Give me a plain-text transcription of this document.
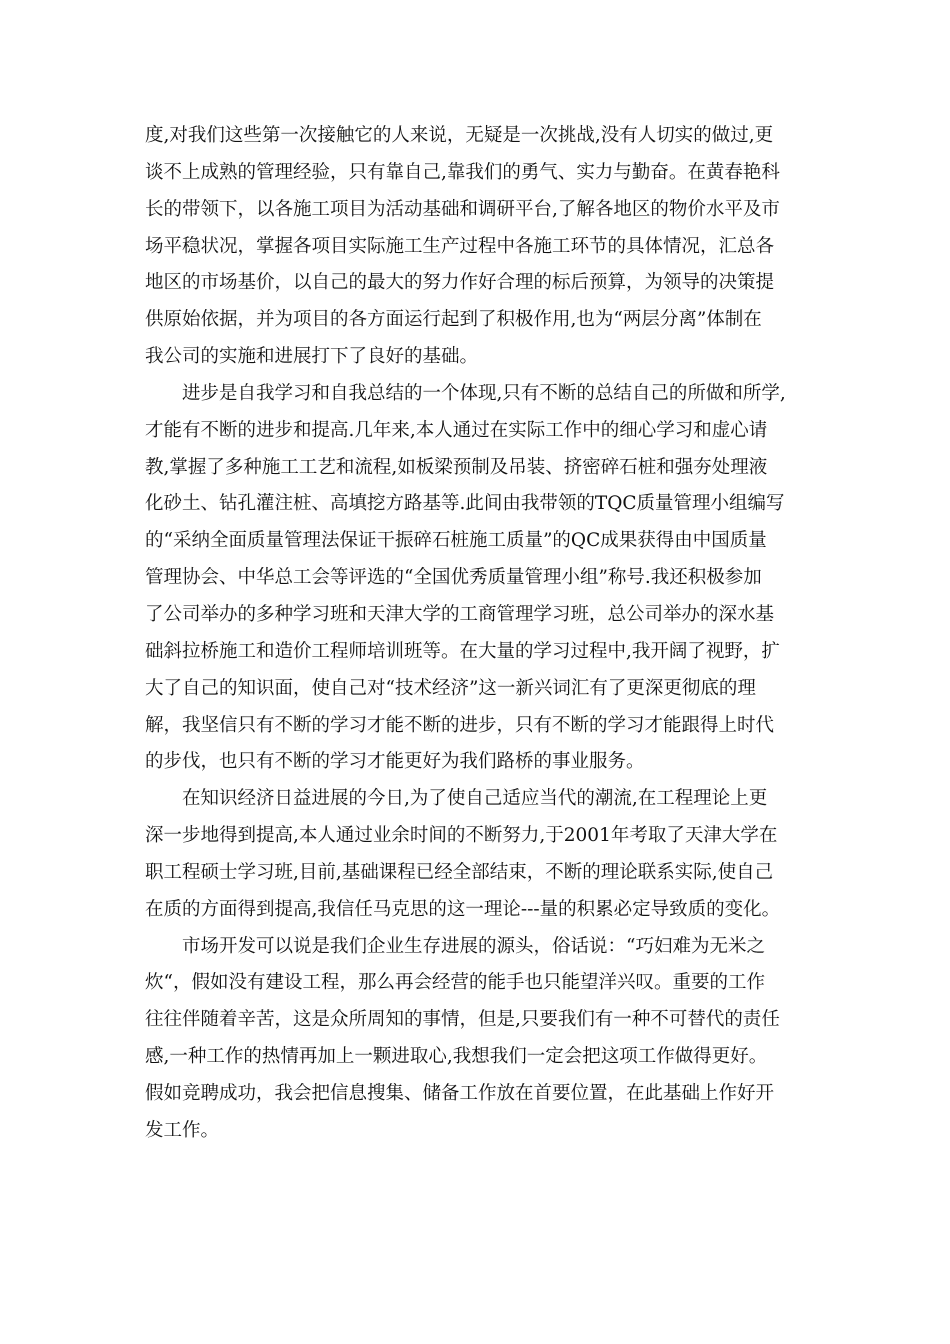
度,对我们这些第一次接触它的人来说，无疑是一次挑战,没有人切实的做过,更
谈不上成熟的管理经验，只有靠自己,靠我们的勇气、实力与勤奋。在黄春艳科
长的带领下，以各施工项目为活动基础和调研平台,了解各地区的物价水平及市
场平稳状况，掌握各项目实际施工生产过程中各施工环节的具体情况，汇总各
地区的市场基价，以自己的最大的努力作好合理的标后预算，为领导的决策提
供原始依据，并为项目的各方面运行起到了积极作用,也为“两层分离”体制在
我公司的实施和进展打下了良好的基础。
　　进步是自我学习和自我总结的一个体现,只有不断的总结自己的所做和所学,
才能有不断的进步和提高.几年来,本人通过在实际工作中的细心学习和虚心请
教,掌握了多种施工工艺和流程,如板梁预制及吊装、挤密碎石桩和强夯处理液
化砂土、钻孔灌注桩、高填挖方路基等.此间由我带领的TQC质量管理小组编写
的“采纳全面质量管理法保证干振碎石桩施工质量”的QC成果获得由中国质量
管理协会、中华总工会等评选的“全国优秀质量管理小组”称号.我还积极参加
了公司举办的多种学习班和天津大学的工商管理学习班，总公司举办的深水基
础斜拉桥施工和造价工程师培训班等。在大量的学习过程中,我开阔了视野，扩
大了自己的知识面，使自己对“技术经济”这一新兴词汇有了更深更彻底的理
解，我坚信只有不断的学习才能不断的进步，只有不断的学习才能跟得上时代
的步伐，也只有不断的学习才能更好为我们路桥的事业服务。
　　在知识经济日益进展的今日,为了使自己适应当代的潮流,在工程理论上更
深一步地得到提高,本人通过业余时间的不断努力,于2001年考取了天津大学在
职工程硕士学习班,目前,基础课程已经全部结束，不断的理论联系实际,使自己
在质的方面得到提高,我信任马克思的这一理论---量的积累必定导致质的变化。
　　市场开发可以说是我们企业生存进展的源头，俗话说：“巧妇难为无米之
炊“，假如没有建设工程，那么再会经营的能手也只能望洋兴叹。重要的工作
往往伴随着辛苦，这是众所周知的事情，但是,只要我们有一种不可替代的责任
感,一种工作的热情再加上一颗进取心,我想我们一定会把这项工作做得更好。
假如竞聘成功，我会把信息搜集、储备工作放在首要位置，在此基础上作好开
发工作。
